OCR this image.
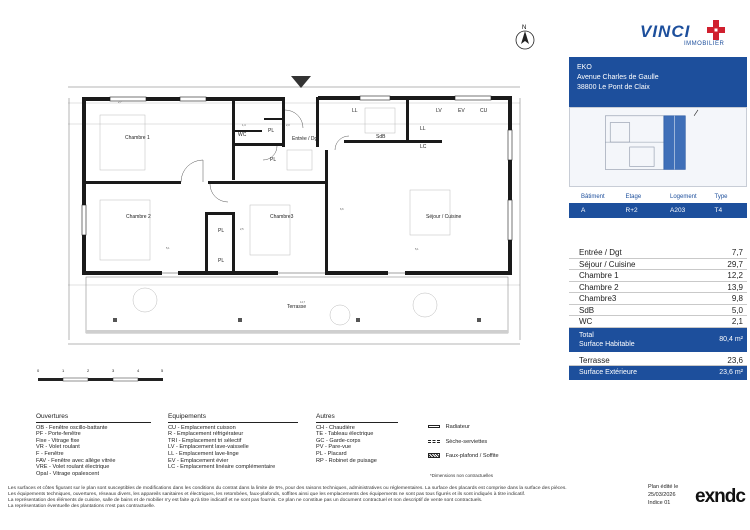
N
Chambre 1
Chambre 2	Chambre3	Séjour / Cuisine
Entrée / Dgt
WC	SdB
Terrasse
PL
PL
PL
PL
LL
LC
LL	LV	EV	CU
2,7
5,1
14,7
5,1
2,3
1,4
2,5
6,6
0	1	2	3	4	5
VINCI
IMMOBILIER
EKO
Avenue Charles de Gaulle
38800 Le Pont de Claix
Bâtiment	Etage	Logement	Type
A	R+2	A203	T4
Entrée / Dgt	7,7
Séjour / Cuisine	29,7
Chambre 1	12,2
Chambre 2	13,9
Chambre3	9,8
SdB	5,0
WC	2,1
Total
Surface Habitable
80,4 m²
Terrasse	23,6
Surface Extérieure	23,6 m²
Ouvertures
OB - Fenêtre oscillo-battante
PF - Porte-fenêtre
Fixe - Vitrage fixe
VR - Volet roulant
F - Fenêtre
FAV - Fenêtre avec allège vitrée
VRE - Volet roulant électrique
Opal - Vitrage opalescent
Equipements
CU - Emplacement cuisson
R - Emplacement réfrigérateur
TRI - Emplacement tri sélectif
LV - Emplacement lave-vaisselle
LL - Emplacement lave-linge
EV - Emplacement évier
LC - Emplacement linéaire complémentaire
Autres
CH - Chaudière
TE - Tableau électrique
GC - Garde-corps
PV - Pare-vue
PL - Placard
RP - Robinet de puisage
Radiateur
Sèche-serviettes
Faux-plafond / Soffite
*Dimensions non contractuelles
Les surfaces et côtes figurant sur le plan sont susceptibles de modifications dans les conditions du contrat dans la limite de 5%, pour des raisons techniques, administratives ou réglementaires. La surface des placards est comprise dans la surface des pièces.
Les équipements techniques, ouvertures, réseaux divers, les appareils sanitaires et électriques, les retombées, faux-plafonds, soffites ainsi que les emplacements des équipements ne sont pas tous figurés et ils sont indiqués à titre indicatif.
La représentation des éléments de cuisine, salle de bains et de mobilier n'y est faite qu'à titre indicatif et ne sont pas fournis. Ce plan ne constitue pas un document contractuel et non descriptif de vente sont contractuels.
La représentation éventuelle des plantations n'est pas contractuelle.
Plan édité le
25/03/2026
Indice 01	exndc
